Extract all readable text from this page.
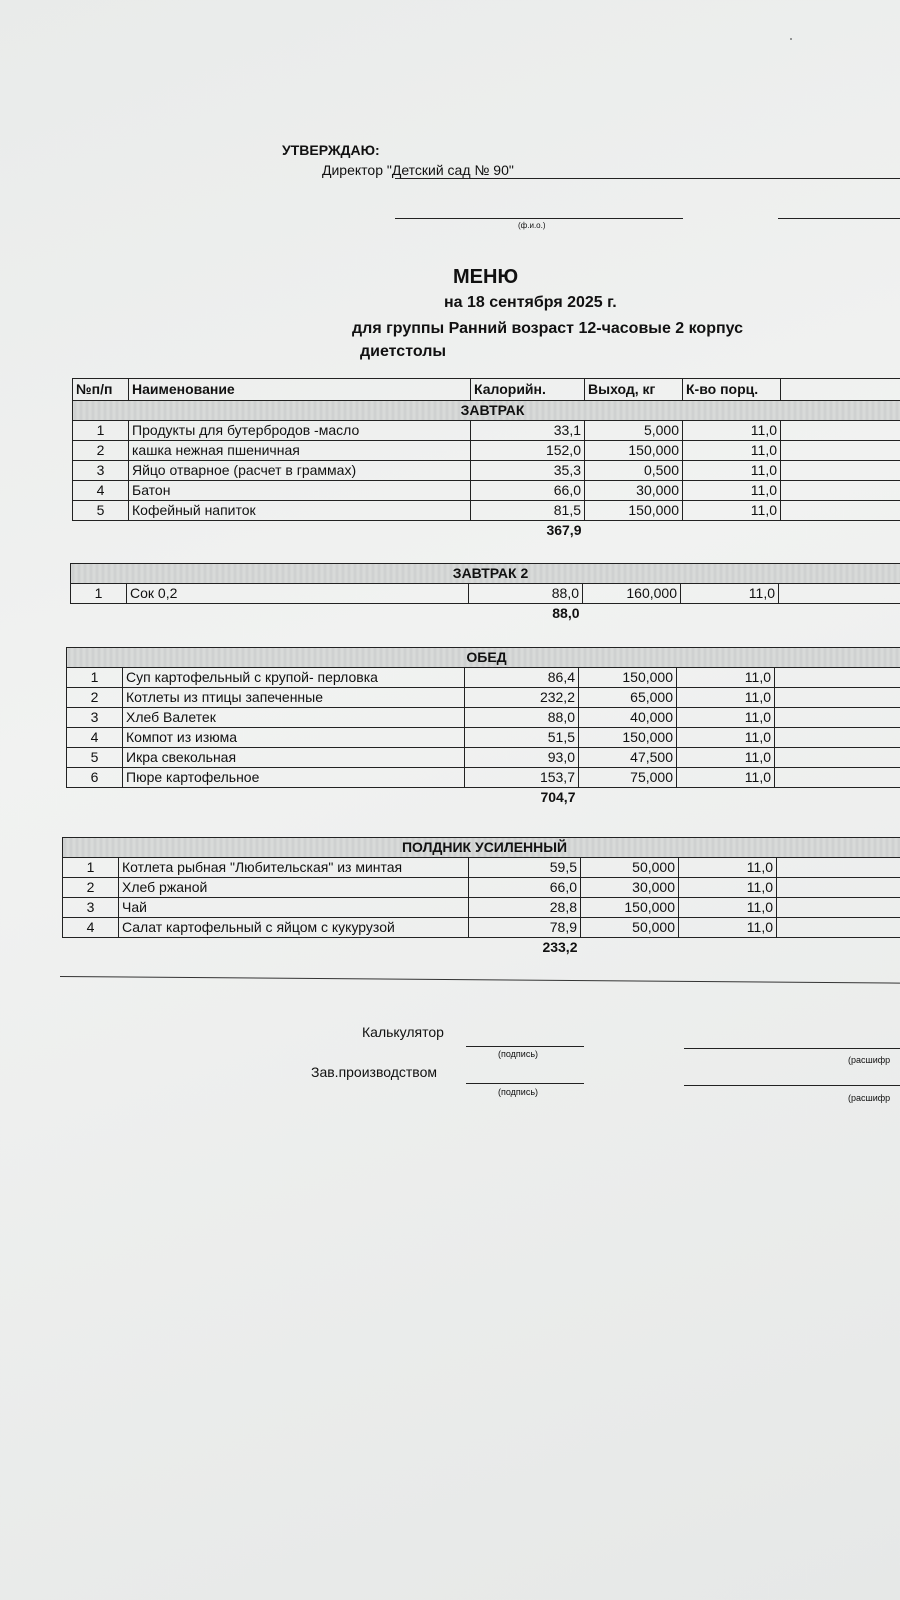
УТВЕРЖДАЮ:
Директор "Детский сад № 90"
(ф.и.о.)
МЕНЮ
на 18 сентября 2025 г.
для группы Ранний возраст 12-часовые 2 корпус
диетстолы
№п/п	Наименование	Калорийн.	Выход, кг	К-во порц.	
ЗАВТРАК					
1	Продукты для бутербродов -масло	33,1	5,000	11,0	
2	кашка нежная пшеничная	152,0	150,000	11,0	
3	Яйцо отварное (расчет в граммах)	35,3	0,500	11,0	
4	Батон	66,0	30,000	11,0	
5	Кофейный напиток	81,5	150,000	11,0	
		367,9			
ЗАВТРАК 2					
1	Сок 0,2	88,0	160,000	11,0	
		88,0			
ОБЕД					
1	Суп картофельный с крупой- перловка	86,4	150,000	11,0	
2	Котлеты из птицы запеченные	232,2	65,000	11,0	
3	Хлеб Валетек	88,0	40,000	11,0	
4	Компот из изюма	51,5	150,000	11,0	
5	Икра свекольная	93,0	47,500	11,0	
6	Пюре картофельное	153,7	75,000	11,0	
		704,7			
ПОЛДНИК УСИЛЕННЫЙ					
1	Котлета рыбная "Любительская" из минтая	59,5	50,000	11,0	
2	Хлеб ржаной	66,0	30,000	11,0	
3	Чай	28,8	150,000	11,0	
4	Салат картофельный с яйцом с кукурузой	78,9	50,000	11,0	
		233,2			
Калькулятор
(подпись)
(расшифр
Зав.производством
(подпись)
(расшифр
